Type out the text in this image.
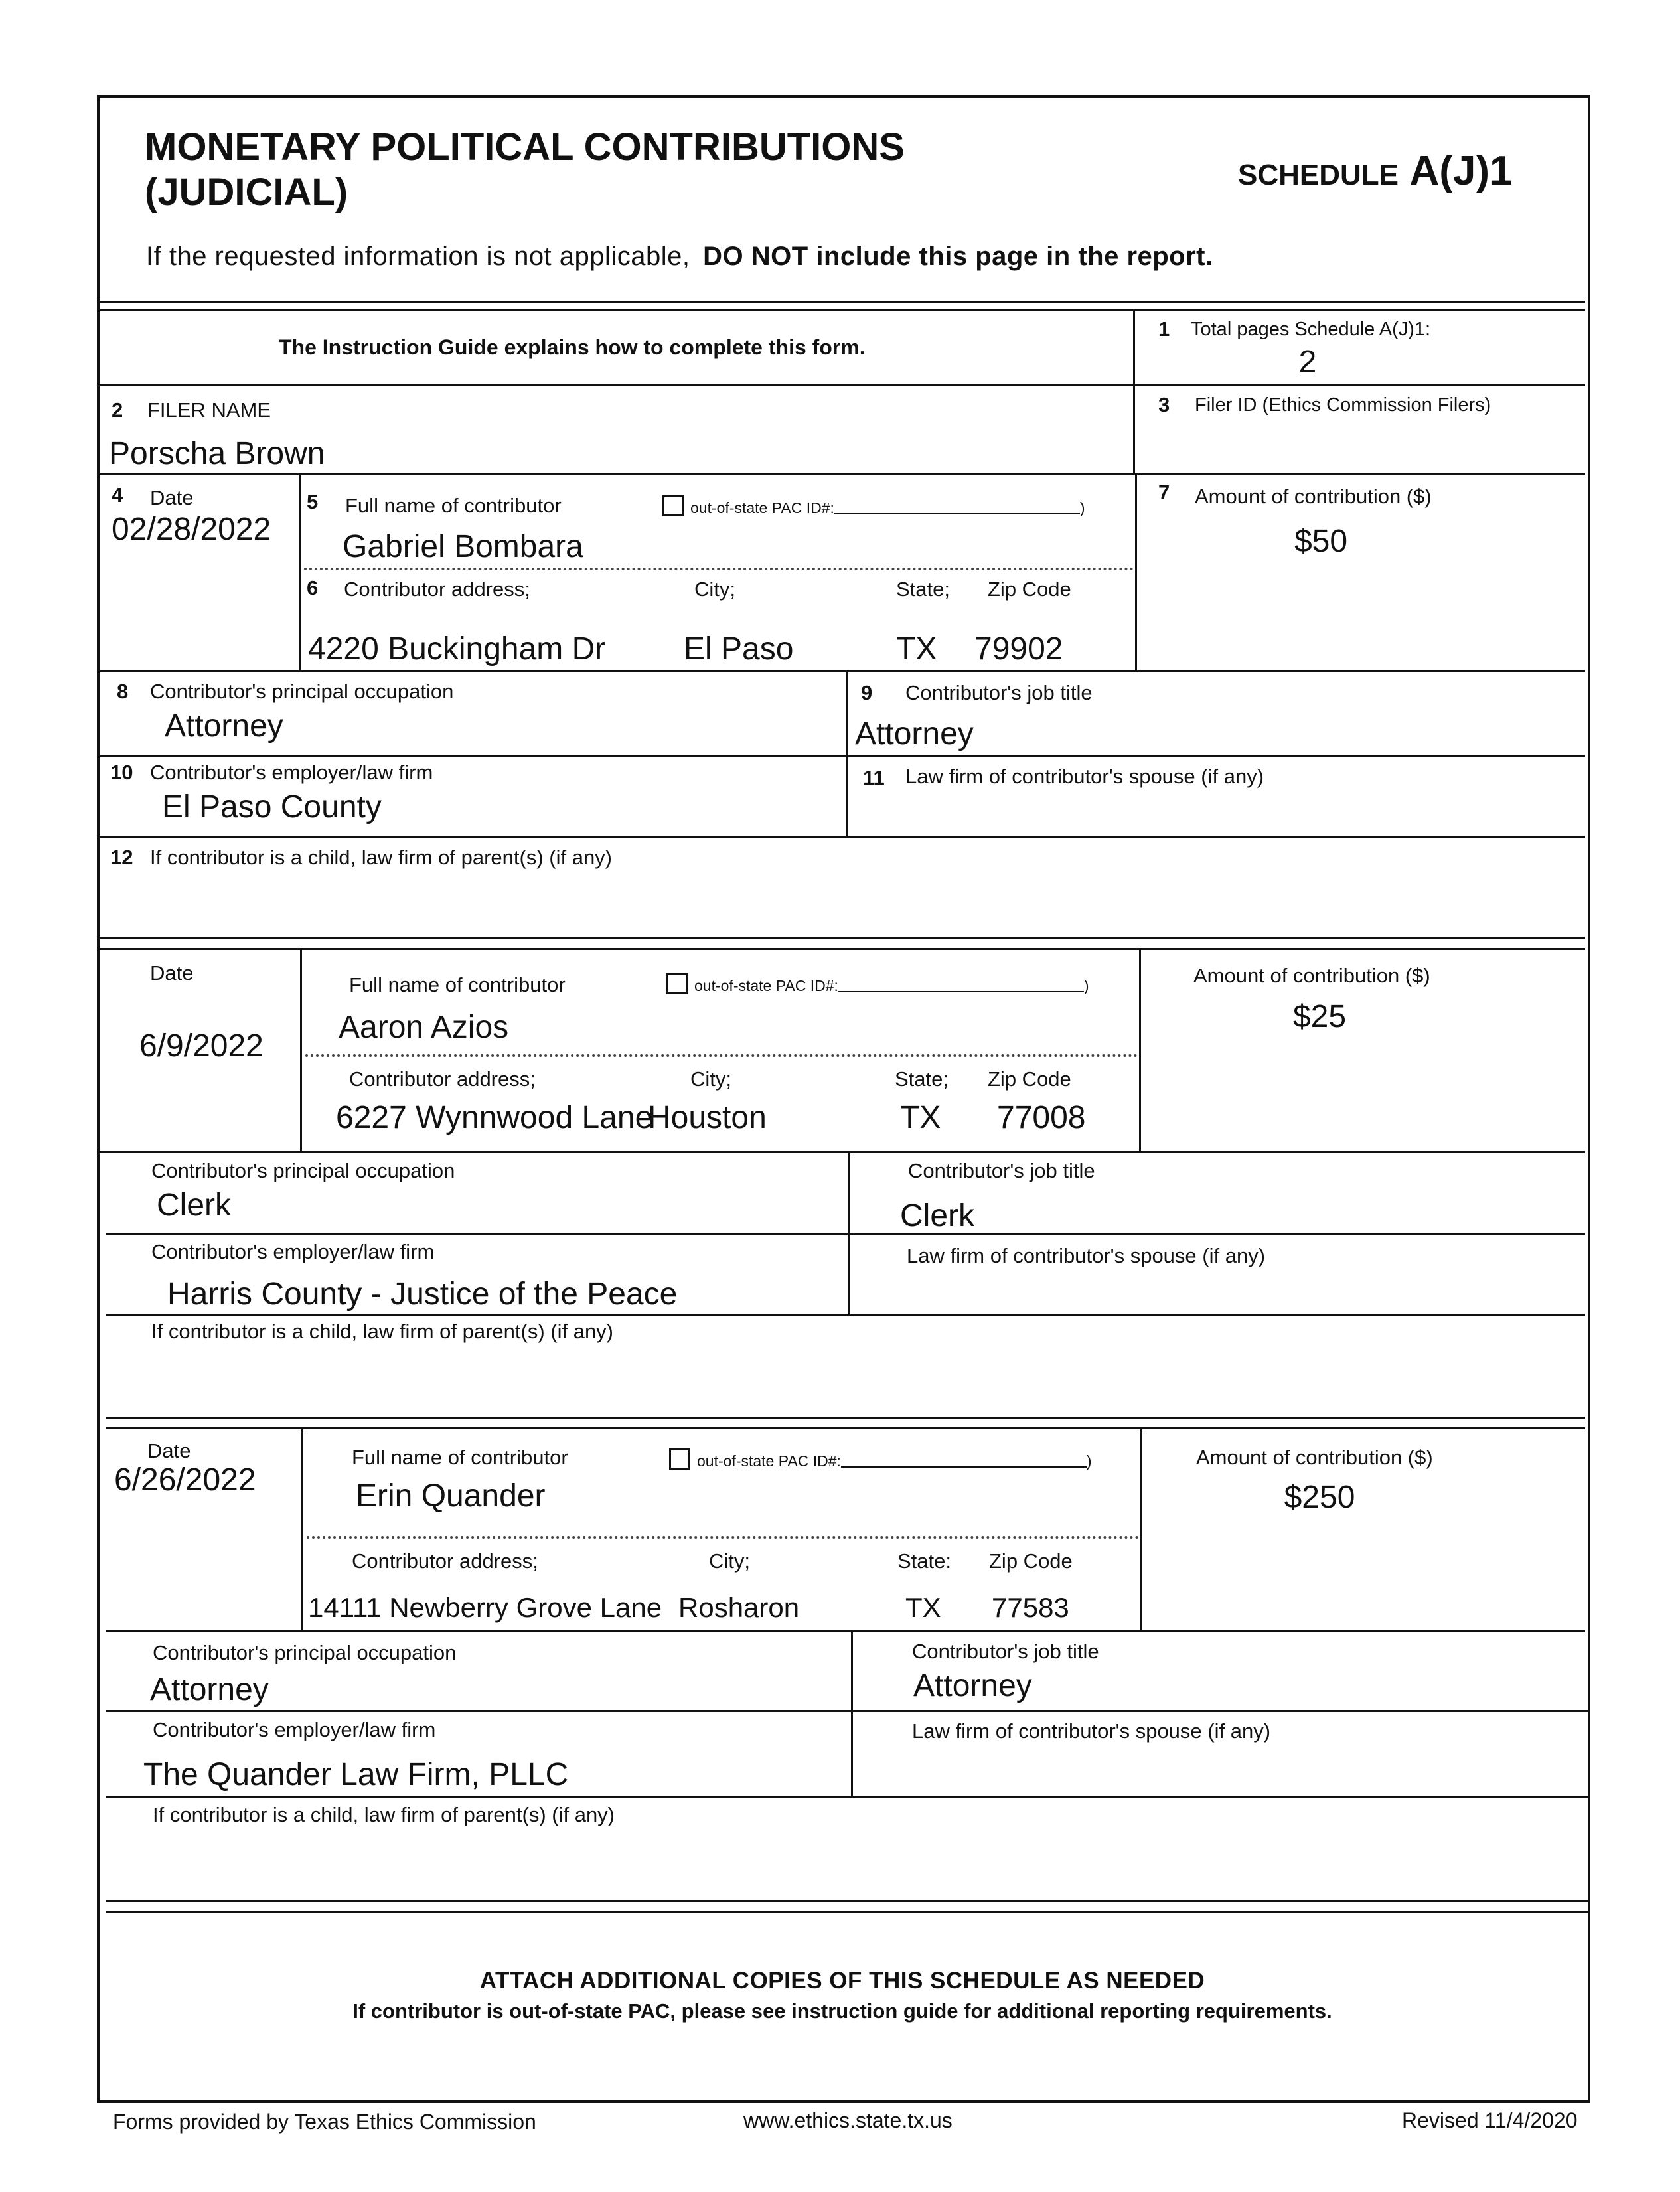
MONETARY POLITICAL CONTRIBUTIONS
(JUDICIAL)	SCHEDULE A(J)1
If the requested information is not applicable, DO NOT include this page in the report.
The Instruction Guide explains how to complete this form.
1 Total pages Schedule A(J)1:
2
2 FILER NAME
Porscha Brown
3 Filer ID (Ethics Commission Filers)
4 Date
02/28/2022
5 Full name of contributor	out-of-state PAC ID#:	)
Gabriel Bombara
6 Contributor address;	City;	State; Zip Code
4220 Buckingham Dr El Paso	TX 79902
7 Amount of contribution ($)
$50
8 Contributor's principal occupation
Attorney
9 Contributor's job title
Attorney
10 Contributor's employer/law firm
El Paso County
11 Law firm of contributor's spouse (if any)
12 If contributor is a child, law firm of parent(s) (if any)
Date
6/9/2022
Full name of contributor	out-of-state PAC ID#:	)
Aaron Azios
Contributor address;	City;	State; Zip Code
6227 Wynnwood Lane
Houston	TX 77008
Amount of contribution ($)
$25
Contributor's principal occupation
Clerk
Contributor's job title
Clerk
Contributor's employer/law firm
Harris County - Justice of the Peace
Law firm of contributor's spouse (if any)
If contributor is a child, law firm of parent(s) (if any)
Date
6/26/2022
Full name of contributor	out-of-state PAC ID#:	)
Erin Quander
Contributor address;	City;	State: Zip Code
14111 Newberry Grove Lane Rosharon	TX 77583
Amount of contribution ($)
$250
Contributor's principal occupation
Attorney
Contributor's job title
Attorney
Contributor's employer/law firm
The Quander Law Firm, PLLC
Law firm of contributor's spouse (if any)
If contributor is a child, law firm of parent(s) (if any)
ATTACH ADDITIONAL COPIES OF THIS SCHEDULE AS NEEDED
If contributor is out-of-state PAC, please see instruction guide for additional reporting requirements.
Forms provided by Texas Ethics Commission	www.ethics.state.tx.us	Revised 11/4/2020
